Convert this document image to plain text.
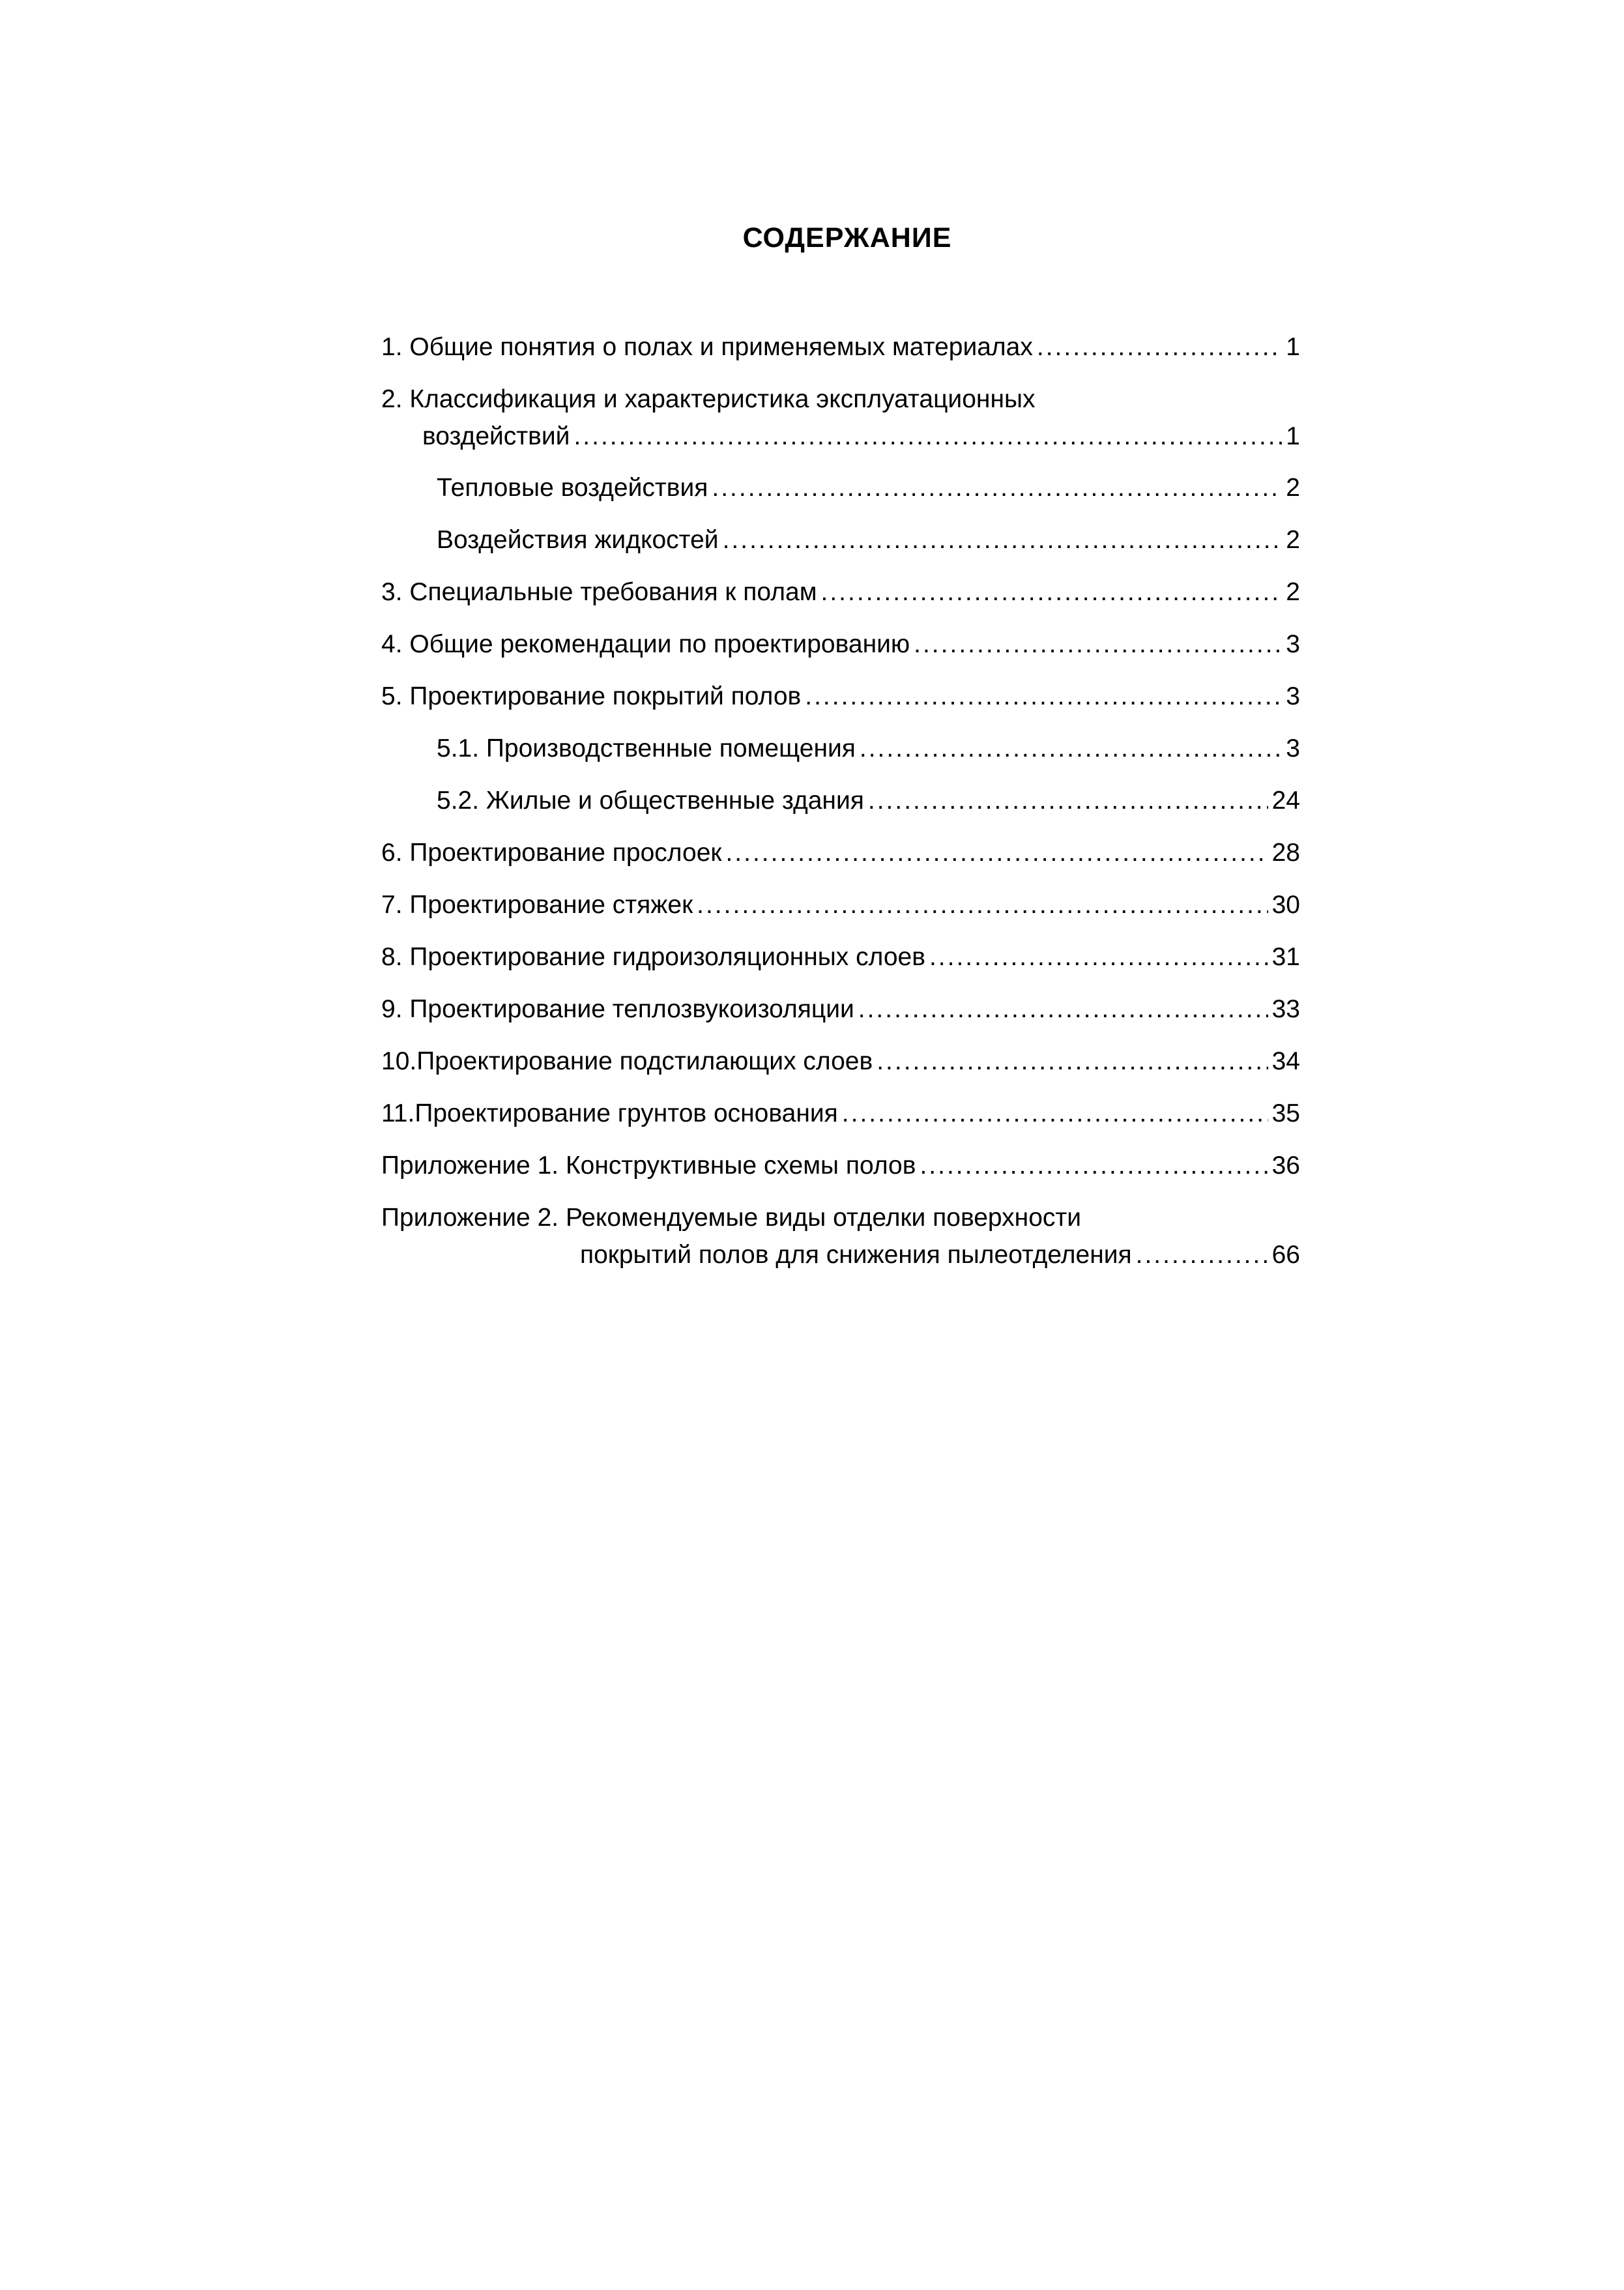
СОДЕРЖАНИЕ
1. Общие понятия о полах и применяемых материалах .....	1
2. Классификация и характеристика эксплуатационных
воздействий .....	1
Тепловые воздействия .....	2
Воздействия жидкостей .....	2
3. Специальные требования к полам .....	2
4. Общие рекомендации по проектированию .....	3
5. Проектирование покрытий полов .....	3
5.1. Производственные помещения .....	3
5.2. Жилые и общественные здания .....	24
6. Проектирование прослоек .....	28
7. Проектирование стяжек .....	30
8. Проектирование гидроизоляционных слоев .....	31
9. Проектирование теплозвукоизоляции .....	33
10.Проектирование подстилающих слоев .....	34
11.Проектирование грунтов основания .....	35
Приложение 1. Конструктивные схемы полов .....	36
Приложение 2. Рекомендуемые виды отделки поверхности
покрытий полов для снижения пылеотделения .....	66
